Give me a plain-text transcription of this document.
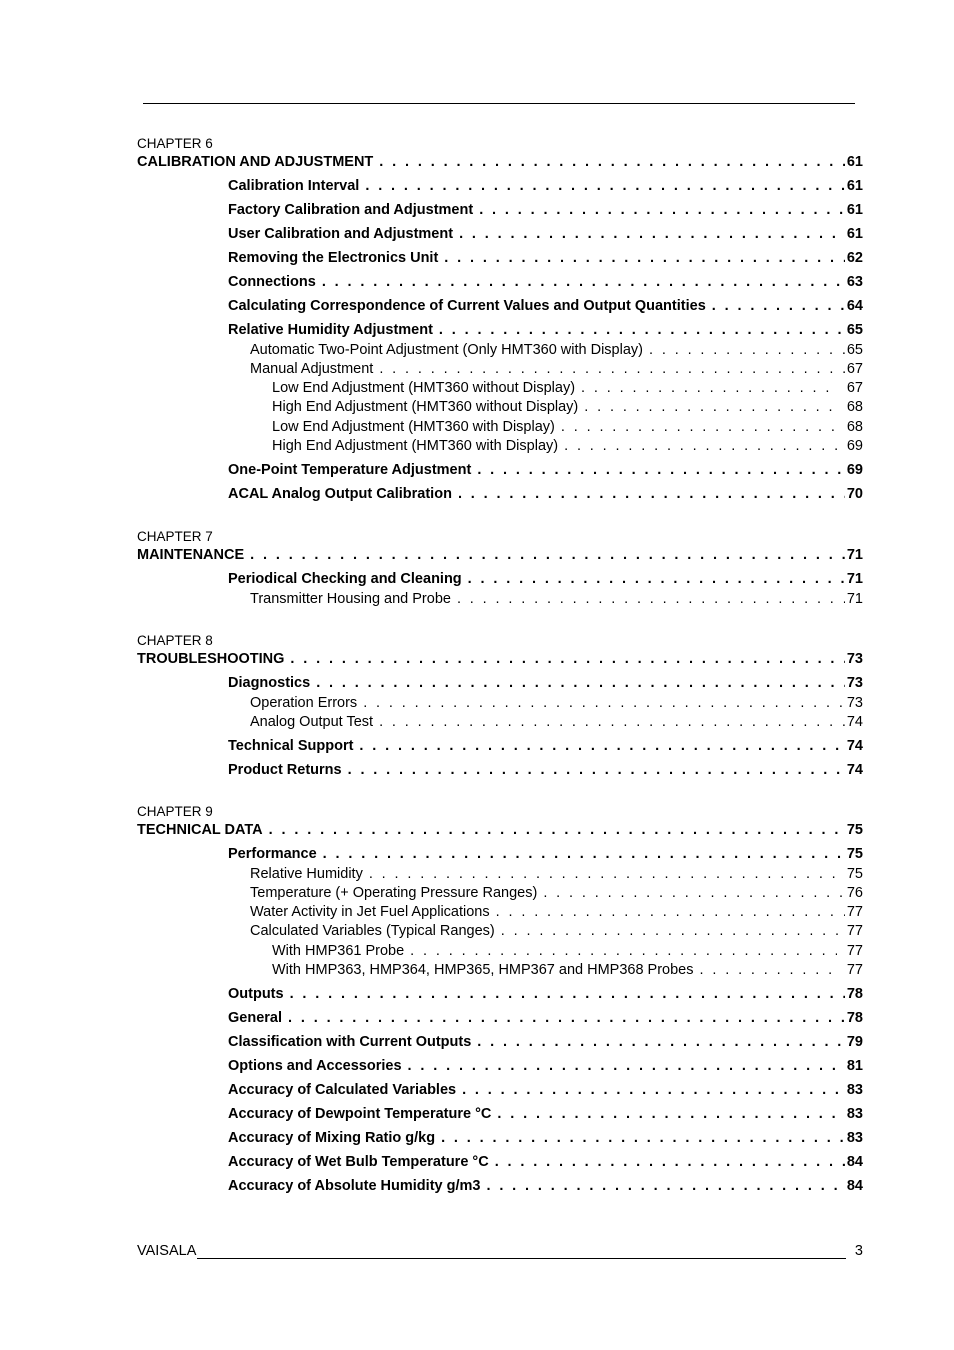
CHAPTER 6
CALIBRATION AND ADJUSTMENT . . .	61
Calibration Interval . . .	61
Factory Calibration and Adjustment . . .	61
User Calibration and Adjustment . . .	61
Removing the Electronics Unit . . .	62
Connections . . .	63
Calculating Correspondence of Current Values and Output Quantities . . .	64
Relative Humidity Adjustment . . .	65
Automatic Two-Point Adjustment (Only HMT360 with Display) . . .	65
Manual Adjustment . . .	67
Low End Adjustment (HMT360 without Display) . . .	67
High End Adjustment (HMT360 without Display) . . .	68
Low End Adjustment (HMT360 with Display) . . .	68
High End Adjustment (HMT360 with Display) . . .	69
One-Point Temperature Adjustment . . .	69
ACAL Analog Output Calibration . . .	70
CHAPTER 7
MAINTENANCE . . .	71
Periodical Checking and Cleaning . . .	71
Transmitter Housing and Probe . . .	71
CHAPTER 8
TROUBLESHOOTING . . .	73
Diagnostics . . .	73
Operation Errors . . .	73
Analog Output Test . . .	74
Technical Support . . .	74
Product Returns . . .	74
CHAPTER 9
TECHNICAL DATA . . .	75
Performance . . .	75
Relative Humidity . . .	75
Temperature (+ Operating Pressure Ranges) . . .	76
Water Activity in Jet Fuel Applications . . .	77
Calculated Variables (Typical Ranges) . . .	77
With HMP361 Probe . . .	77
With HMP363, HMP364, HMP365, HMP367 and HMP368 Probes . . .	77
Outputs . . .	78
General . . .	78
Classification with Current Outputs . . .	79
Options and Accessories . . .	81
Accuracy of Calculated Variables . . .	83
Accuracy of Dewpoint Temperature °C . . .	83
Accuracy of Mixing Ratio g/kg . . .	83
Accuracy of Wet Bulb Temperature °C . . .	84
Accuracy of Absolute Humidity g/m3 . . .	84
VAISALA	3
